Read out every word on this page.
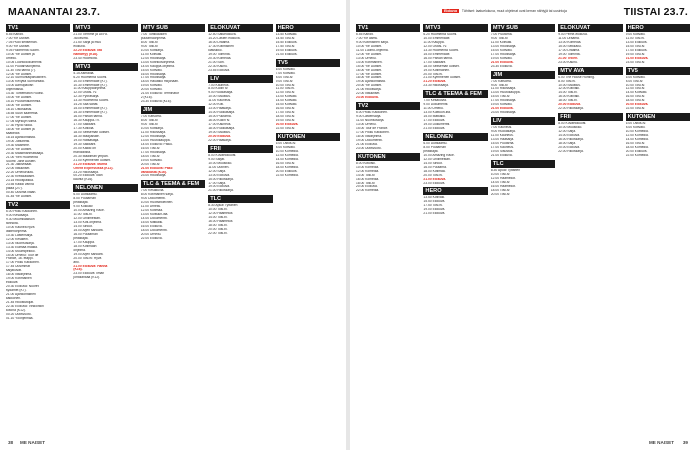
MAANANTAI 23.7.
TV1
6.55 Kandit.
7.00 Yle Uutiset.
7.05 Puoli seitsemän.
9.00 Yle Uutiset.
9.05 Huomenta Suomi.
10.00 Yle Uutiset ja
urheilu.
10.05 Luontodokumentti.
11.00 Puutarhaohjelma.
11.30 Tosi tarina (7).
12.00 Yle Uutiset.
12.10 Sunnuntaipäivällinen.
13.00 Kevyttä Sunnuntaia.
14.00 Aamupäivän
ohjelmassa.
14.30 Tuntematon Ruotsi.
15.00 Yle Uutiset.
15.10 Puutarhaunelmia.
16.00 Yle Uutiset.
16.10 Ostoskassi.
16.55 Suuri saarretila.
17.00 Yle Uutiset.
17.05 Myrskyn silmä.
17.30 Hyvä ruoka.
18.00 Yle Uutiset ja
säätiedot.
18.15 Ajankohtaista.
19.00 Juttuhetki.
19.30 Maamme.
20.00 Yle Uutiset.
20.30 Maailmanmatkaaja.
21.00 Ylen Huomenta
Suomi: Jane Austen.
21.30 Jälkiviisaat.
22.00 Iltauutiset.
22.20 Urheiluruutu.
22.30 Kreikkalaiset.
23.15 Rikospaikka.
23.55 Kaikki vanha
palaa (2/7).
00.40 Uusinta Iltaan.
01.45 Yle Uutiset.
TV2
6.00 Pikku Kakkonen.
9.00 Kesäsarja.
9.30 Muumilaakson
tarinoita.
10.00 Kauhea hyvä
lastenohjelma.
10.30 Lastensarja.
12.00 Kesäleiri.
13.00 Nuorisosarja.
13.30 Elämää maalla.
14.00 Muumipeikko.
15.00 Urheilu: Tour de
France, 16. etappi.
17.00 Pikku Kakkonen.
17.45 Uusimmat
sarjakuvat.
18.00 Iltaohjelma.
19.00 Kotimainen
elokuva:
20.30 Elokuva: Nuoret
sydämet (K7).
21.00 Ajankohtainen
kakkonen.
21.45 Rikostutkijat.
22.30 Elokuva: Vihdoinkin
kotona (K12).
00.20 Uutisvuoto.
01.10 Yöohjelmaa.
MTV3
21.00 Tiemme ja UEFA
-tulosvirta.
21.50 Sarja ja muu
elokuva.
22.20 Elokuva: Ilta
hämärtyy (K16).
23.40 Huomiota.
MTV3
5.15 Asmaida.
6.20 Huomenta Suomi.
10.00 Emmerdale (K7).
10.30 Emmerdale (K7).
11.00 Kauppaohjelma.
12.00 Ostos-TV.
12.30 Pyöräsarja.
13.30 Huomenta Suomi.
14.25 Saa sanat.
15.00 Emmerdale (K7).
15.30 Emmerdale (K7).
16.00 Päivän tarina.
16.30 Kauppa-TV.
17.00 Salkkarit.
17.30 Kotiolla.
18.00 Seitsemän uutiset.
18.30 Maajussille.
19.00 Ratsastaja.
19.30 Salkkarit.
20.00 Kaikki on
mahdollista.
20.30 Maailman ympäri.
21.00 Kymmenen uutiset.
21.20 Elokuva: Murha
Orient Expressissä (K12).
23.20 Rikossarja.
00.20 Elokuva: Idän
kauhut (K16).
NELONEN
6.00 Uutisaamu.
8.00 Puutarhan
pelastajat.
9.00 Kokkaa!
10.00 Amazing Race.
11.00 Tosi-tv.
12.00 Grillimestari.
13.00 Koti-ohjelma.
14.00 Sinkut.
15.00 Arjen sankarit.
16.00 Puutarhan
pelastajat.
17.00 Kauppa.
18.00 Kotimaan
ohjelma.
19.00 Arjen sankarit.
20.00 Tosi-tv: Hyvä
arki.
21.00 Elokuva: Hanna
(K16).
23.00 Elokuva: Ilman
johtolankaa (K12).
MTV SUB
7.00 Tuntikausien
puutarhaohjelma.
8.00 Tosi-tv.
9.00 Tosi-tv.
10.00 Kotisarja.
11.00 Kotiväki.
12.00 Rikossarja.
13.00 Kotirikosohjelma.
14.00 Kauppa-ohjelma.
15.00 Kotiväki.
16.00 Rikossarja.
17.00 Rikossarja.
18.00 Haluatko miljonääri.
19.00 Kotiväki.
20.00 Kotiväki.
21.00 Elokuva: Terminator
2 (K16).
23.30 Elokuva (K16).
JIM
7.00 Katsomo.
8.00 Tosi-tv.
9.00 Tosi-tv.
10.00 Kotisarja.
11.00 Rikossarja.
12.00 Rikossarja.
13.00 Huutokauppa.
14.00 Elokuva: Paluu.
16.00 Tosi-tv.
17.00 Rikossarja.
18.00 Tosi-tv.
19.00 Kotiväki.
20.00 Tosi-tv.
21.00 Elokuva: Pako
vankilasta (K16).
23.00 Rikossarja.
TLC & TEEMA & FEM
7.00 Kesäkuvia.
8.00 Kotimainen sarja.
9.00 Dokumentti.
10.00 Ruotsinkielinen.
11.00 Urheilu.
12.00 Kotimaa.
13.00 Kulttuuri-ilta.
14.00 Dokumentti.
15.00 Matkailu.
16.00 Elokuva.
18.00 Dokumentti.
20.00 Urheilu.
22.00 Elokuva.
ELOKUVAT
12.50 Satuelokuva.
14.20 Lasten elokuva.
16.00 Draama.
17.30 Kotimainen
klassikko.
19.00 Toiminta.
20.30 Komedia.
21.00 Scifi.
22.30 Kauhu.
23.55 Elokuva.
LIV
7.00 Kauneus.
8.00 Kodin tv.
9.00 Ruokasarja.
10.00 Sisustus.
11.00 Kauneus.
12.00 Koti.
13.00 Hääsarja.
14.00 Ruokasarja.
15.00 Puutarha.
16.00 Kodin tv.
17.00 Kauneus.
18.00 Ruokasarja.
19.00 Sisustus.
20.00 Elokuva.
22.00 Hääsarja.
FRII
8.00 Kuvaelokuvat.
9.00 Sarjat.
10.00 Muusikko.
11.00 Uutinen.
12.00 Sarja.
13.00 Elokuva.
15.00 Rikossarja.
17.00 Sarja.
19.00 Elokuva.
21.00 Rikossarja.
TLC
8.30 Apua! Tyttärien
10.00 Tosi-tv.
12.00 Häämekot.
14.00 Tosi-tv.
16.00 Häämekot.
18.00 Tosi-tv.
20.00 Tosi-tv.
22.00 Tosi-tv.
HERO
13.50 Kotiväki.
14.50 Tosi-tv.
15.50 Elokuva.
17.50 Tosi-tv.
19.00 Elokuva.
21.00 Elokuva.
TV5
6.00 Kotiväki.
7.00 Kotiväki.
8.00 Tosi-tv.
9.00 Tosi-tv.
10.00 Tosi-tv.
11.00 Tosi-tv.
12.00 Tosi-tv.
13.00 Kotiväki.
14.00 Kotiväki.
15.00 Kotiväki.
16.00 Tosi-tv.
17.00 Tosi-tv.
18.00 Tosi-tv.
19.00 Tosi-tv.
20.00 Elokuva.
22.00 Tosi-tv.
KUTONEN
6.00 Ostos-tv.
8.00 Kotiväki.
10.00 Komedia.
12.00 Komedia.
14.00 Komedia.
16.00 Tosi-tv.
18.00 Komedia.
20.00 Elokuva.
22.00 Komedia.
38 ME NAISET
Elokuva Tähtiset: laatuelokuva, muut ohjelmat ovat kerran nähtyjä tai uusintoja	TIISTAI 23.7.
TV1
6.55 Kandit.
7.00 Yle aamu.
9.00 Kotimainen sarja.
10.00 Yle Uutiset.
11.00 Luonto-ohjelma.
12.00 Yle Uutiset.
13.00 Urheilu.
14.00 Kotimainen.
15.00 Yle Uutiset.
16.00 Yle Uutiset.
17.00 Yle Uutiset.
18.00 Yle Uutiset.
19.00 Ajankohtaista.
20.00 Yle Uutiset.
21.00 Rikossarja.
22.00 Iltauutiset.
23.00 Elokuva.
TV2
6.00 Pikku Kakkonen.
9.00 Lastensarja.
11.00 Nuorisosarja.
13.00 Urheilu.
15.00 Tour de France.
17.00 Pikku Kakkonen.
18.00 Iltaohjelma.
19.00 Dokumentti.
21.00 Elokuva.
23.00 Uutisvuoto.
KUTONEN
8.00 Kotiväki.
10.00 Komedia.
12.00 Komedia.
14.00 Tosi-tv.
16.00 Komedia.
18.00 Tosi-tv.
20.00 Elokuva.
22.00 Komedia.
MTV3
6.20 Huomenta Suomi.
10.00 Emmerdale.
11.00 Kauppa.
12.00 Ostos-TV.
13.30 Huomenta Suomi.
15.00 Emmerdale.
16.00 Päivän tarina.
17.00 Salkkarit.
18.00 Seitsemän uutiset.
19.00 Kotimainen.
20.00 Tosi-tv.
21.00 Kymmenen uutiset.
21.20 Elokuva.
23.30 Rikossarja.
TLC & TEEMA & FEM
7.00 Kesäkuvia.
9.00 Dokumentti.
11.00 Urheilu.
13.00 Kulttuuri-ilta.
15.00 Matkailu.
17.00 Elokuva.
19.00 Dokumentti.
21.00 Elokuva.
NELONEN
6.00 Uutisaamu.
8.00 Puutarhan
pelastajat.
10.00 Amazing Race.
12.00 Grillimestari.
14.00 Sinkut.
16.00 Puutarha.
18.00 Kotimaa.
20.00 Tosi-tv.
21.00 Elokuva.
23.00 Elokuva.
HERO
13.50 Kotiväki.
15.50 Elokuva.
17.50 Tosi-tv.
19.00 Elokuva.
21.00 Elokuva.
MTV SUB
7.00 Puutarha.
9.00 Tosi-tv.
11.00 Kotiväki.
13.00 Rikossarja.
15.00 Kotiväki.
17.00 Rikossarja.
19.00 Kotiväki.
21.00 Elokuva.
23.30 Elokuva.
JIM
7.00 Katsomo.
9.00 Tosi-tv.
11.00 Rikossarja.
13.00 Huutokauppa.
15.00 Tosi-tv.
17.00 Rikossarja.
19.00 Kotiväki.
21.00 Elokuva.
23.00 Rikossarja.
LIV
7.00 Kauneus.
9.00 Ruokasarja.
11.00 Kauneus.
13.00 Hääsarja.
15.00 Puutarha.
17.00 Kauneus.
19.00 Sisustus.
21.00 Elokuva.
TLC
8.30 Apua! Tyttärien
10.00 Tosi-tv.
12.00 Häämekot.
14.00 Tosi-tv.
16.00 Häämekot.
18.00 Tosi-tv.
20.00 Tosi-tv.
ELOKUVAT
9.00 Perhe-elokuva.
11.00 Draama.
13.00 Komedia.
15.00 Seikkailu.
17.00 Draama.
19.00 Toiminta.
21.00 Trilleri.
23.00 Kauhu.
MTV AVA
6.00 The House Hunting.
8.00 Tosi-tv.
10.00 Sisustus.
12.00 Kotiväki.
14.00 Tosi-tv.
16.00 Kotiväki.
18.00 Tosi-tv.
20.00 Elokuva.
22.00 Rikossarja.
FRII
8.00 Kuvaelokuvat.
10.00 Muusikko.
12.00 Sarja.
14.00 Elokuva.
16.00 Rikossarja.
18.00 Sarja.
20.00 Elokuva.
22.00 Rikossarja.
HERO
9.00 Kotiväki.
11.00 Tosi-tv.
13.00 Elokuva.
15.00 Tosi-tv.
17.00 Elokuva.
19.00 Tosi-tv.
21.00 Elokuva.
23.00 Tosi-tv.
TV5
6.00 Kotiväki.
8.00 Tosi-tv.
10.00 Tosi-tv.
12.00 Tosi-tv.
14.00 Kotiväki.
16.00 Tosi-tv.
18.00 Tosi-tv.
20.00 Elokuva.
22.00 Tosi-tv.
KUTONEN
6.00 Ostos-tv.
8.00 Kotiväki.
10.00 Komedia.
12.00 Komedia.
14.00 Komedia.
16.00 Tosi-tv.
18.00 Komedia.
20.00 Elokuva.
22.00 Komedia.
ME NAISET 39
